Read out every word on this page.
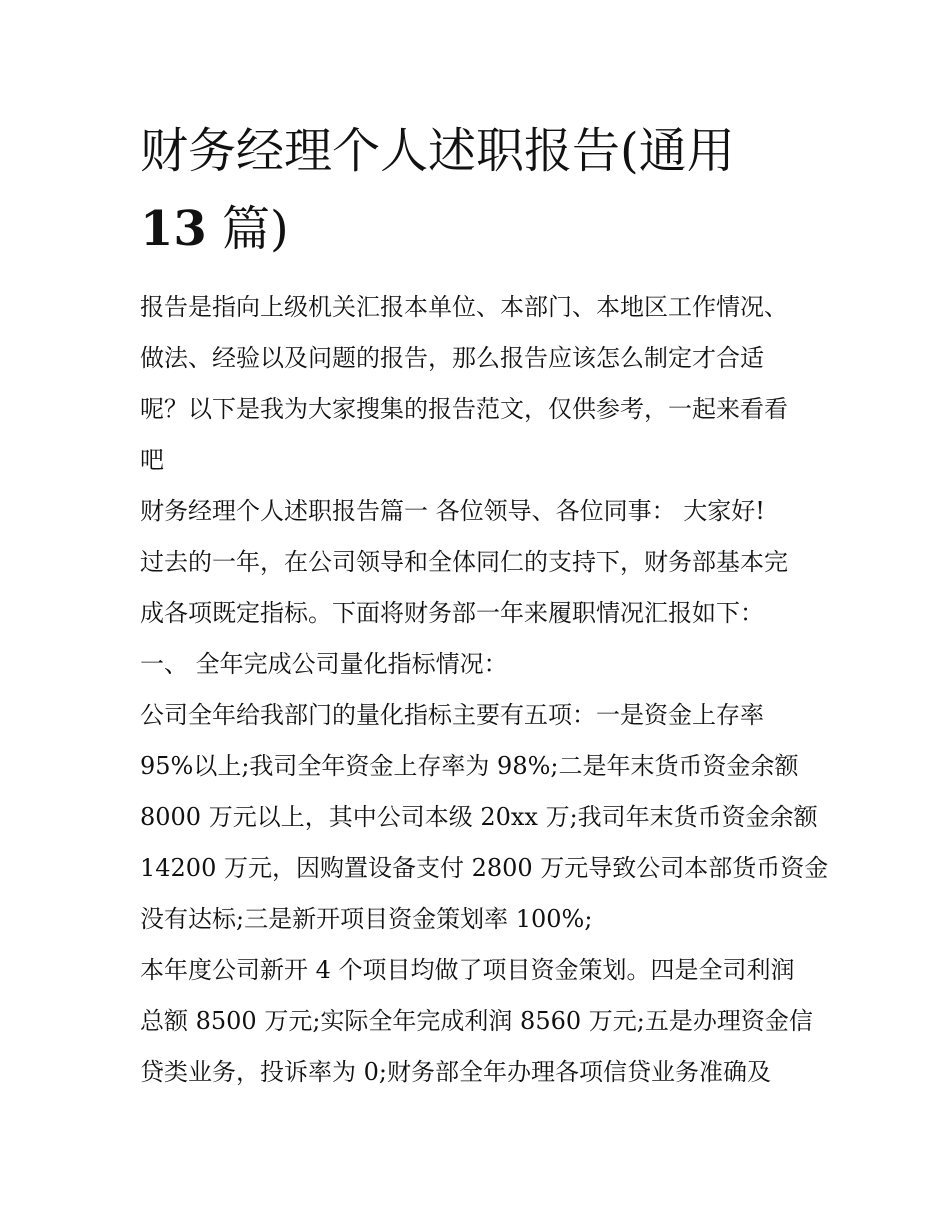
财务经理个人述职报告(通用
13 篇)

报告是指向上级机关汇报本单位、本部门、本地区工作情况、
做法、经验以及问题的报告，那么报告应该怎么制定才合适
呢？以下是我为大家搜集的报告范文，仅供参考，一起来看看
吧

财务经理个人述职报告篇一 各位领导、各位同事： 大家好!
过去的一年，在公司领导和全体同仁的支持下，财务部基本完
成各项既定指标。下面将财务部一年来履职情况汇报如下：

一、 全年完成公司量化指标情况：

公司全年给我部门的量化指标主要有五项：一是资金上存率
95%以上;我司全年资金上存率为 98%;二是年末货币资金余额
8000 万元以上，其中公司本级 20xx 万;我司年末货币资金余额
14200 万元，因购置设备支付 2800 万元导致公司本部货币资金
没有达标;三是新开项目资金策划率 100%;

本年度公司新开 4 个项目均做了项目资金策划。四是全司利润
总额 8500 万元;实际全年完成利润 8560 万元;五是办理资金信
贷类业务，投诉率为 0;财务部全年办理各项信贷业务准确及
